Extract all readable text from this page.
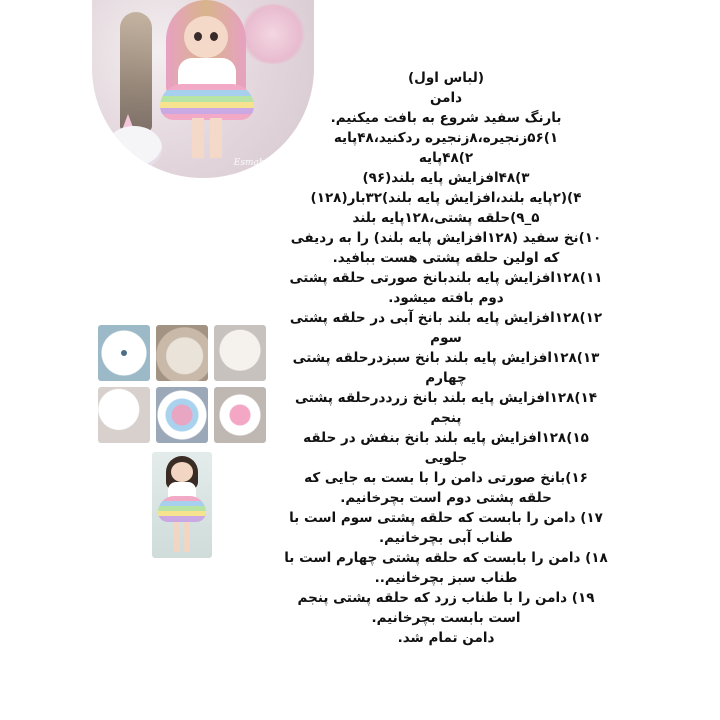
Esmahamim
(لباس اول)
دامن
بارنگ سفید شروع به بافت میکنیم.
۱)۵۶زنجیره،۸زنجیره ردکنید،۴۸پایه
۲)۴۸پایه
۳)۴۸افزایش پایه بلند(۹۶)
۴)(۲پایه بلند،افزایش پایه بلند)۳۲بار(۱۲۸)
۵_۹)حلقه پشتی،۱۲۸پایه بلند
۱۰)نخ سفید (۱۲۸افزایش پایه بلند) را به ردیفی
که اولین حلقه پشتی هست ببافید.
۱۱)۱۲۸افزایش پایه بلندبانخ صورتی حلقه پشتی
دوم بافته میشود.
۱۲)۱۲۸افزایش پایه بلند بانخ آبی در حلقه پشتی
سوم
۱۳)۱۲۸افزایش پایه بلند بانخ سبزدرحلقه پشتی
چهارم
۱۴)۱۲۸افزایش پایه بلند بانخ زرددرحلقه پشتی
پنجم
۱۵)۱۲۸افزایش پایه بلند بانخ بنفش در حلقه
جلویی
۱۶)بانخ صورتی دامن را با بست به جایی که
حلقه پشتی دوم است بچرخانیم.
۱۷) دامن را بابست که حلقه پشتی سوم است با
طناب آبی بچرخانیم.
۱۸) دامن را بابست که حلقه پشتی چهارم است با
طناب سبز بچرخانیم..
۱۹) دامن را با طناب زرد که حلقه پشتی پنجم
است بابست بچرخانیم.
دامن تمام شد.
